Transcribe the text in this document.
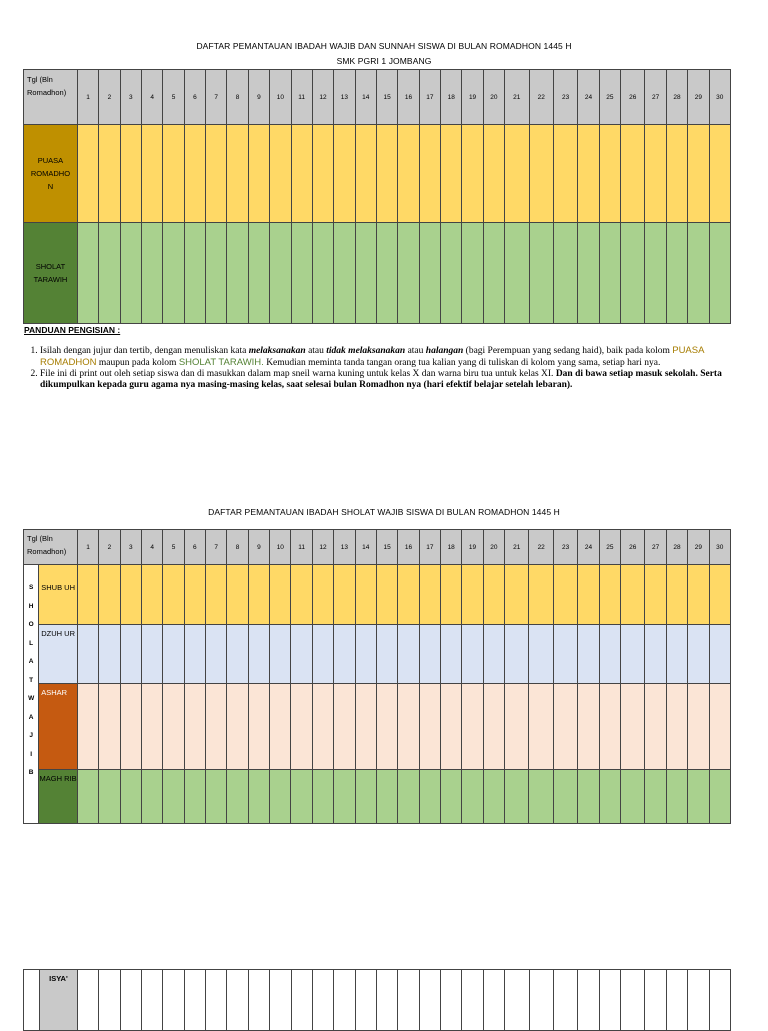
DAFTAR PEMANTAUAN IBADAH WAJIB DAN SUNNAH SISWA DI BULAN ROMADHON 1445 H
SMK PGRI 1 JOMBANG
Tgl (Bln Romadhon)	1	2	3	4	5	6	7	8	9	10	11	12	13	14	15	16	17	18	19	20	21	22	23	24	25	26	27	28	29	30
PUASA ROMADHO N																														
SHOLAT TARAWIH																														
PANDUAN PENGISIAN :
1. Isilah dengan jujur dan tertib, dengan menuliskan kata melaksanakan atau tidak melaksanakan atau halangan (bagi Perempuan yang sedang haid), baik pada kolom PUASA ROMADHON maupun pada kolom SHOLAT TARAWIH. Kemudian meminta tanda tangan orang tua kalian yang di tuliskan di kolom yang sama, setiap hari nya.
2. File ini di print out oleh setiap siswa dan di masukkan dalam map sneil warna kuning untuk kelas X dan warna biru tua untuk kelas XI. Dan di bawa setiap masuk sekolah. Serta dikumpulkan kepada guru agama nya masing-masing kelas, saat selesai bulan Romadhon nya (hari efektif belajar setelah lebaran).
DAFTAR PEMANTAUAN IBADAH SHOLAT WAJIB SISWA DI BULAN ROMADHON 1445 H
Tgl (Bln Romadhon)		1	2	3	4	5	6	7	8	9	10	11	12	13	14	15	16	17	18	19	20	21	22	23	24	25	26	27	28	29	30

S H O L A T  W A J I B	SHUB UH																														
	DZUH UR																														
	ASHAR																														
	MAGH RIB																														
ISYA'
